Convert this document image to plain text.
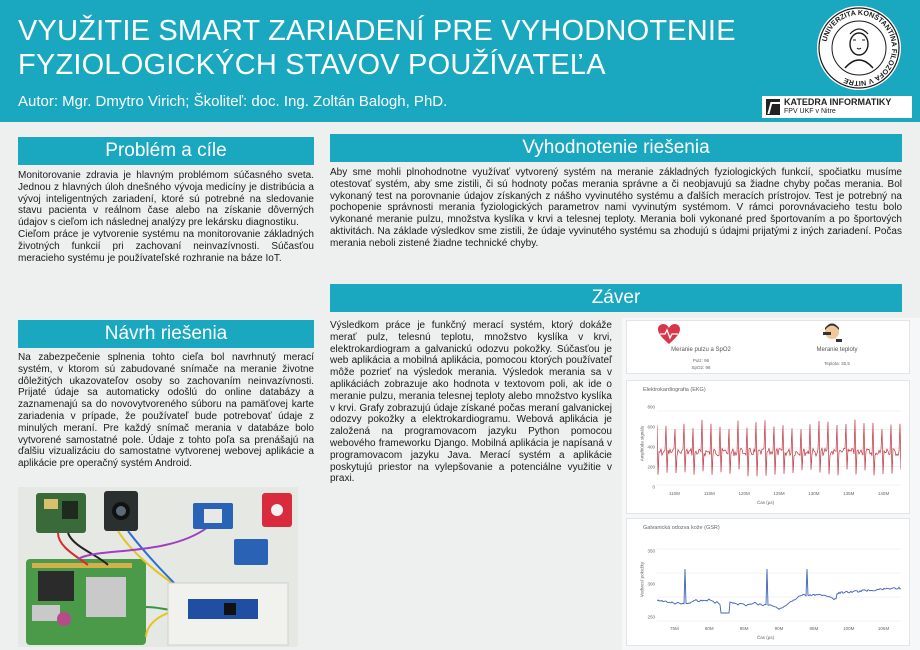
VYUŽITIE SMART ZARIADENÍ PRE VYHODNOTENIE
FYZIOLOGICKÝCH STAVOV POUŽÍVATEĽA
Autor: Mgr. Dmytro Virich; Školiteľ: doc. Ing. Zoltán Balogh, PhD.
UNIVERZITA KONŠTANTÍNA FILOZOFA V NITRE
KATEDRA INFORMATIKY
FPV UKF v Nitre
Problém a cíle

Monitorovanie zdravia je hlavným problémom súčasného sveta. Jednou z hlavných úloh dnešného vývoja medicíny je distribúcia a vývoj inteligentných zariadení, ktoré sú potrebné na sledovanie stavu pacienta v reálnom čase alebo na získanie dôverných údajov s cieľom ich následnej analýzy pre lekársku diagnostiku.

Cieľom práce je vytvorenie systému na monitorovanie základných životných funkcií pri zachovaní neinvazívnosti. Súčasťou meracieho systému je používateľské rozhranie na báze IoT.

Návrh riešenia
Na zabezpečenie splnenia tohto cieľa bol navrhnutý merací systém, v ktorom sú zabudované snímače na meranie životne dôležitých ukazovateľov osoby so zachovaním neinvazívnosti. Prijaté údaje sa automaticky odošlú do online databázy a zaznamenajú sa do novovytvoreného súboru na pamäťovej karte zariadenia v prípade, že používateľ bude potrebovať údaje z minulých meraní. Pre každý snímač merania v databáze bolo vytvorené samostatné pole. Údaje z tohto poľa sa prenášajú na ďalšiu vizualizáciu do samostatne vytvorenej webovej aplikácie a aplikácie pre operačný systém Android.
Vyhodnotenie riešenia
Aby sme mohli plnohodnotne využívať vytvorený systém na meranie základných fyziologických funkcií, spočiatku musíme otestovať systém, aby sme zistili, či sú hodnoty počas merania správne a či neobjavujú sa žiadne chyby počas merania. Bol vykonaný test na porovnanie údajov získaných z nášho vyvinutého systému a ďalších meracích prístrojov. Test je potrebný na pochopenie správnosti merania fyziologických parametrov nami vyvinutým systémom. V rámci porovnávacieho testu bolo vykonané meranie pulzu, množstva kyslíka v krvi a telesnej teploty. Merania boli vykonané pred športovaním a po športových aktivitách. Na základe výsledkov sme zistili, že údaje vyvinutého systému sa zhodujú s údajmi prijatými z iných zariadení. Počas merania neboli zistené žiadne technické chyby.
Záver
Výsledkom práce je funkčný merací systém, ktorý dokáže merať pulz, telesnú teplotu, množstvo kyslíka v krvi, elektrokardiogram a galvanickú odozvu pokožky. Súčasťou je web aplikácia a mobilná aplikácia, pomocou ktorých používateľ môže pozrieť na výsledok merania. Výsledok merania sa v aplikáciách zobrazuje ako hodnota v textovom poli, ak ide o meranie pulzu, merania telesnej teploty alebo množstvo kyslíka v krvi. Grafy zobrazujú údaje získané počas meraní galvanickej odozvy pokožky a elektrokardiogramu. Webová aplikácia je založená na programovacom jazyku Python pomocou webového frameworku Django. Mobilná aplikácia je napísaná v programovacom jazyku Java. Merací systém a aplikácie poskytujú priestor na vylepšovanie a potenciálne využitie v praxi.
Meranie pulzu a SpO2
Pulz: 96
SpO2: 98
Meranie teploty
Teplota: 35.5
Elektrokardiografia (EKG)
Amplitúda signálu
800
600
400
200
0
110M	115M	120M	125M	130M	135M	140M
Čas (µs)
Galvanická odozva kože (GSR)
Vodivosť pokožky
350
300
250
75M	80M	85M	90M	95M	100M	105M
Čas (µs)
